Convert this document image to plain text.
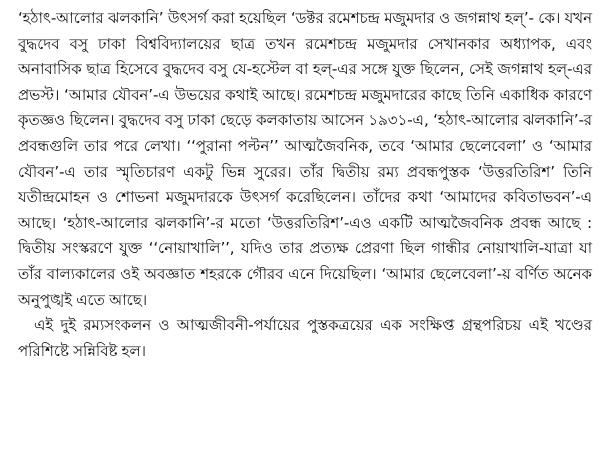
‘হঠাৎ-আলোর ঝলকানি’ উৎসর্গ করা হয়েছিল ‘ডক্টর রমেশচন্দ্র মজুমদার ও জগন্নাথ হল্’- কে। যখন বুদ্ধদেব বসু ঢাকা বিশ্ববিদ্যালয়ের ছাত্র তখন রমেশচন্দ্র মজুমদার সেখানকার অধ্যাপক, এবং অনাবাসিক ছাত্র হিসেবে বুদ্ধদেব বসু যে-হস্টেল বা হল্-এর সঙ্গে যুক্ত ছিলেন, সেই জগন্নাথ হল্-এর প্রভস্ট। ‘আমার যৌবন’-এ উভয়ের কথাই আছে। রমেশচন্দ্র মজুমদারের কাছে তিনি একাধিক কারণে কৃতজ্ঞও ছিলেন। বুদ্ধদেব বসু ঢাকা ছেড়ে কলকাতায় আসেন ১৯৩১-এ, ‘হঠাৎ-আলোর ঝলকানি’-র প্রবন্ধগুলি তার পরে লেখা। ‘‘পুরানা পল্টন’’ আত্মজৈবনিক, তবে ‘আমার ছেলেবেলা’ ও ‘আমার যৌবন’-এ তার স্মৃতিচারণ একটু ভিন্ন সুরের। তাঁর দ্বিতীয় রম্য প্রবন্ধপুস্তক ‘উত্তরতিরিশ’ তিনি যতীন্দ্রমোহন ও শোভনা মজুমদারকে উৎসর্গ করেছিলেন। তাঁদের কথা ‘আমাদের কবিতাভবন’-এ আছে। ‘হঠাৎ-আলোর ঝলকানি’-র মতো ‘উত্তরতিরিশ’-এও একটি আত্মজৈবনিক প্রবন্ধ আছে : দ্বিতীয় সংস্করণে যুক্ত ‘‘নোয়াখালি’’, যদিও তার প্রত্যক্ষ প্রেরণা ছিল গান্ধীর নোয়াখালি-যাত্রা যা তাঁর বাল্যকালের ওই অবজ্ঞাত শহরকে গৌরব এনে দিয়েছিল। ‘আমার ছেলেবেলা’-য় বর্ণিত অনেক অনুপুঙ্খই এতে আছে।

এই দুই রম্যসংকলন ও আত্মজীবনী-পর্যায়ের পুস্তকত্রয়ের এক সংক্ষিপ্ত গ্রন্থপরিচয় এই খণ্ডের পরিশিষ্টে সন্নিবিষ্ট হল।
